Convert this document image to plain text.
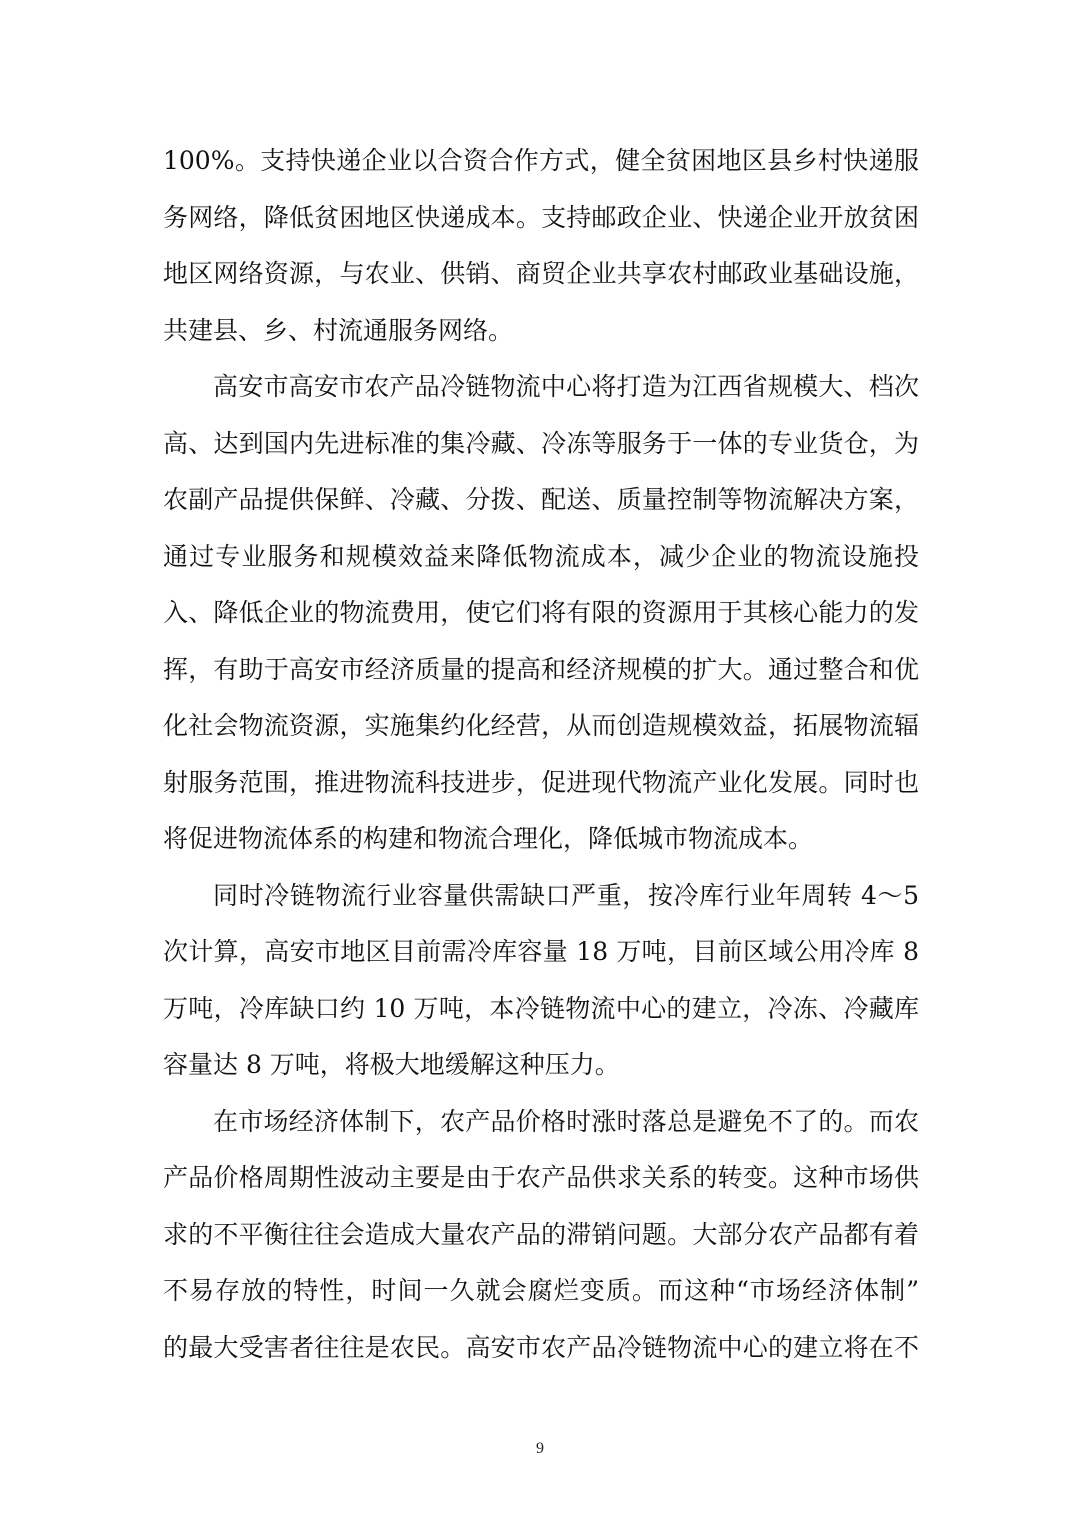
100%。支持快递企业以合资合作方式，健全贫困地区县乡村快递服
务网络，降低贫困地区快递成本。支持邮政企业、快递企业开放贫困
地区网络资源，与农业、供销、商贸企业共享农村邮政业基础设施，
共建县、乡、村流通服务网络。
高安市高安市农产品冷链物流中心将打造为江西省规模大、档次
高、达到国内先进标准的集冷藏、冷冻等服务于一体的专业货仓，为
农副产品提供保鲜、冷藏、分拨、配送、质量控制等物流解决方案，
通过专业服务和规模效益来降低物流成本，减少企业的物流设施投
入、降低企业的物流费用，使它们将有限的资源用于其核心能力的发
挥，有助于高安市经济质量的提高和经济规模的扩大。通过整合和优
化社会物流资源，实施集约化经营，从而创造规模效益，拓展物流辐
射服务范围，推进物流科技进步，促进现代物流产业化发展。同时也
将促进物流体系的构建和物流合理化，降低城市物流成本。
同时冷链物流行业容量供需缺口严重，按冷库行业年周转 4～5
次计算，高安市地区目前需冷库容量 18 万吨，目前区域公用冷库 8
万吨，冷库缺口约 10 万吨，本冷链物流中心的建立，冷冻、冷藏库
容量达 8 万吨，将极大地缓解这种压力。
在市场经济体制下，农产品价格时涨时落总是避免不了的。而农
产品价格周期性波动主要是由于农产品供求关系的转变。这种市场供
求的不平衡往往会造成大量农产品的滞销问题。大部分农产品都有着
不易存放的特性，时间一久就会腐烂变质。而这种“市场经济体制”
的最大受害者往往是农民。高安市农产品冷链物流中心的建立将在不
9
